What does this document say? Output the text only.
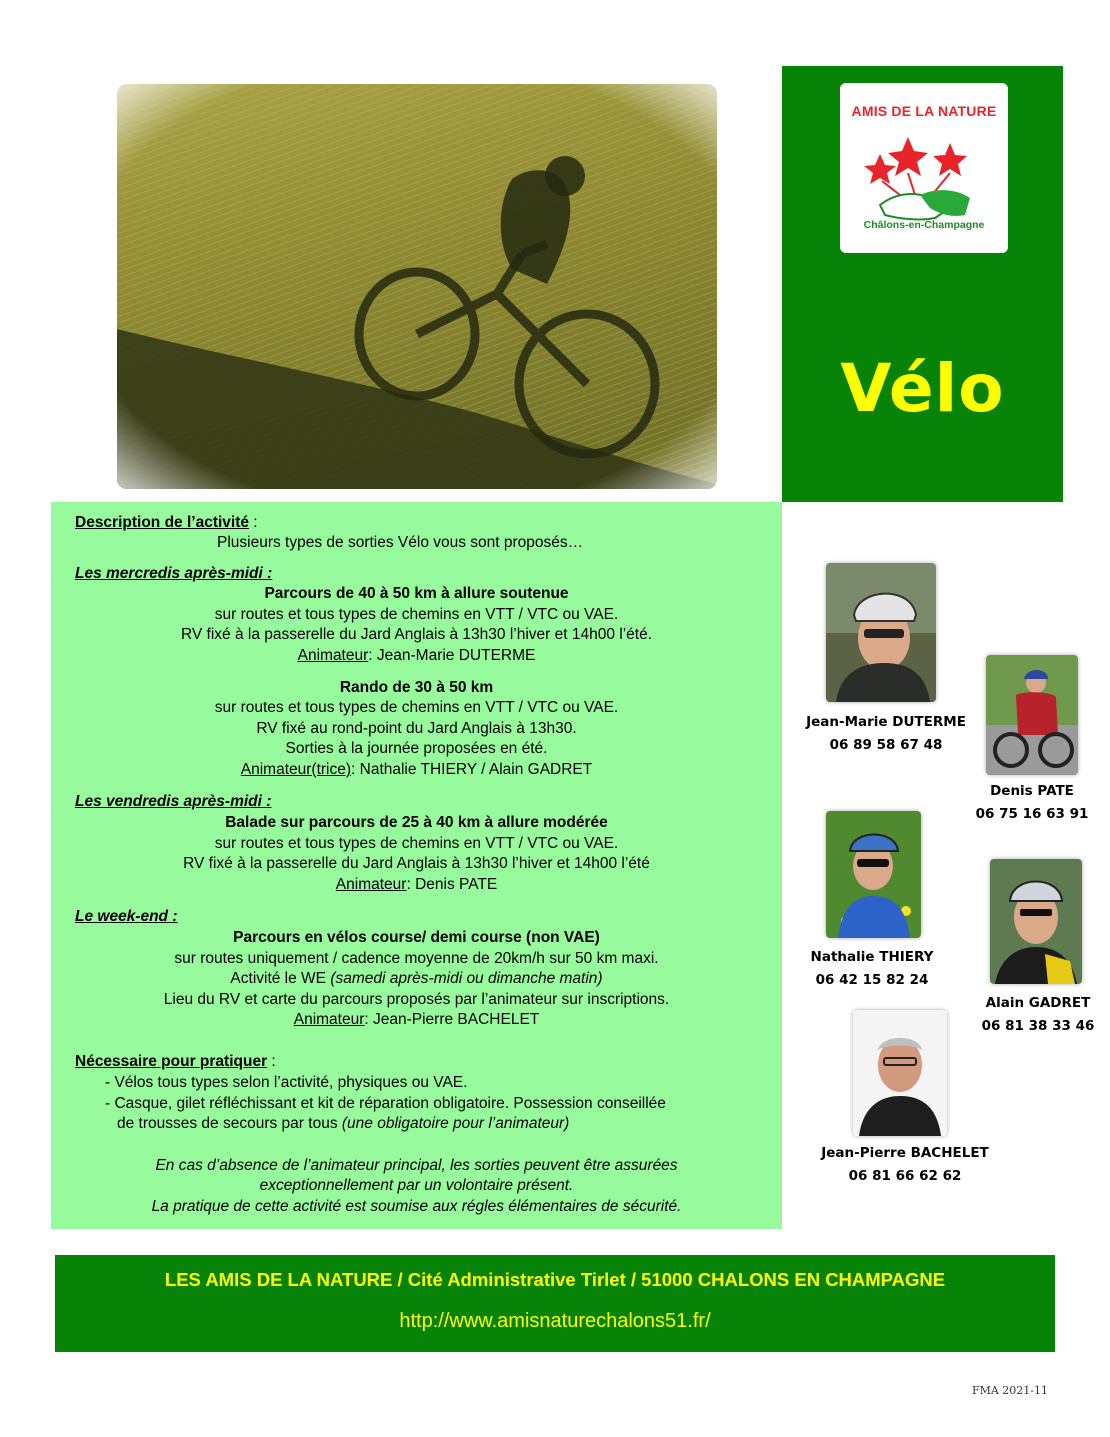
AMIS DE LA NATURE
Châlons-en-Champagne
Vélo
Description de l’activité :
Plusieurs types de sorties Vélo vous sont proposés…
Les mercredis après-midi :
Parcours de 40 à 50 km à allure soutenue
sur routes et tous types de chemins en VTT / VTC ou VAE.
RV fixé à la passerelle du Jard Anglais à 13h30 l’hiver et 14h00 l’été.
Animateur: Jean-Marie DUTERME
Rando de 30 à 50 km
sur routes et tous types de chemins en VTT / VTC ou VAE.
RV fixé au rond-point du Jard Anglais à 13h30.
Sorties à la journée proposées en été.
Animateur(trice): Nathalie THIERY / Alain GADRET
Les vendredis après-midi :
Balade sur parcours de 25 à 40 km à allure modérée
sur routes et tous types de chemins en VTT / VTC ou VAE.
RV fixé à la passerelle du Jard Anglais à 13h30 l’hiver et 14h00 l’été
Animateur: Denis PATE
Le week-end :
Parcours en vélos course/ demi course (non VAE)
sur routes uniquement / cadence moyenne de 20km/h sur 50 km maxi.
Activité le WE (samedi après-midi ou dimanche matin)
Lieu du RV et carte du parcours proposés par l’animateur sur inscriptions.
Animateur: Jean-Pierre BACHELET
Nécessaire pour pratiquer :
- Vélos tous types selon l’activité, physiques ou VAE.
- Casque, gilet réfléchissant et kit de réparation obligatoire. Possession conseillée
de trousses de secours par tous (une obligatoire pour l’animateur)
En cas d’absence de l’animateur principal, les sorties peuvent être assurées
exceptionnellement par un volontaire présent.
La pratique de cette activité est soumise aux régles élémentaires de sécurité.
Jean-Marie DUTERME
06 89 58 67 48
Denis PATE
06 75 16 63 91
Nathalie THIERY
06 42 15 82 24
Alain GADRET
06 81 38 33 46
Jean-Pierre BACHELET
06 81 66 62 62
LES AMIS DE LA NATURE / Cité Administrative Tirlet / 51000 CHALONS EN CHAMPAGNE
http://www.amisnaturechalons51.fr/
FMA 2021-11
